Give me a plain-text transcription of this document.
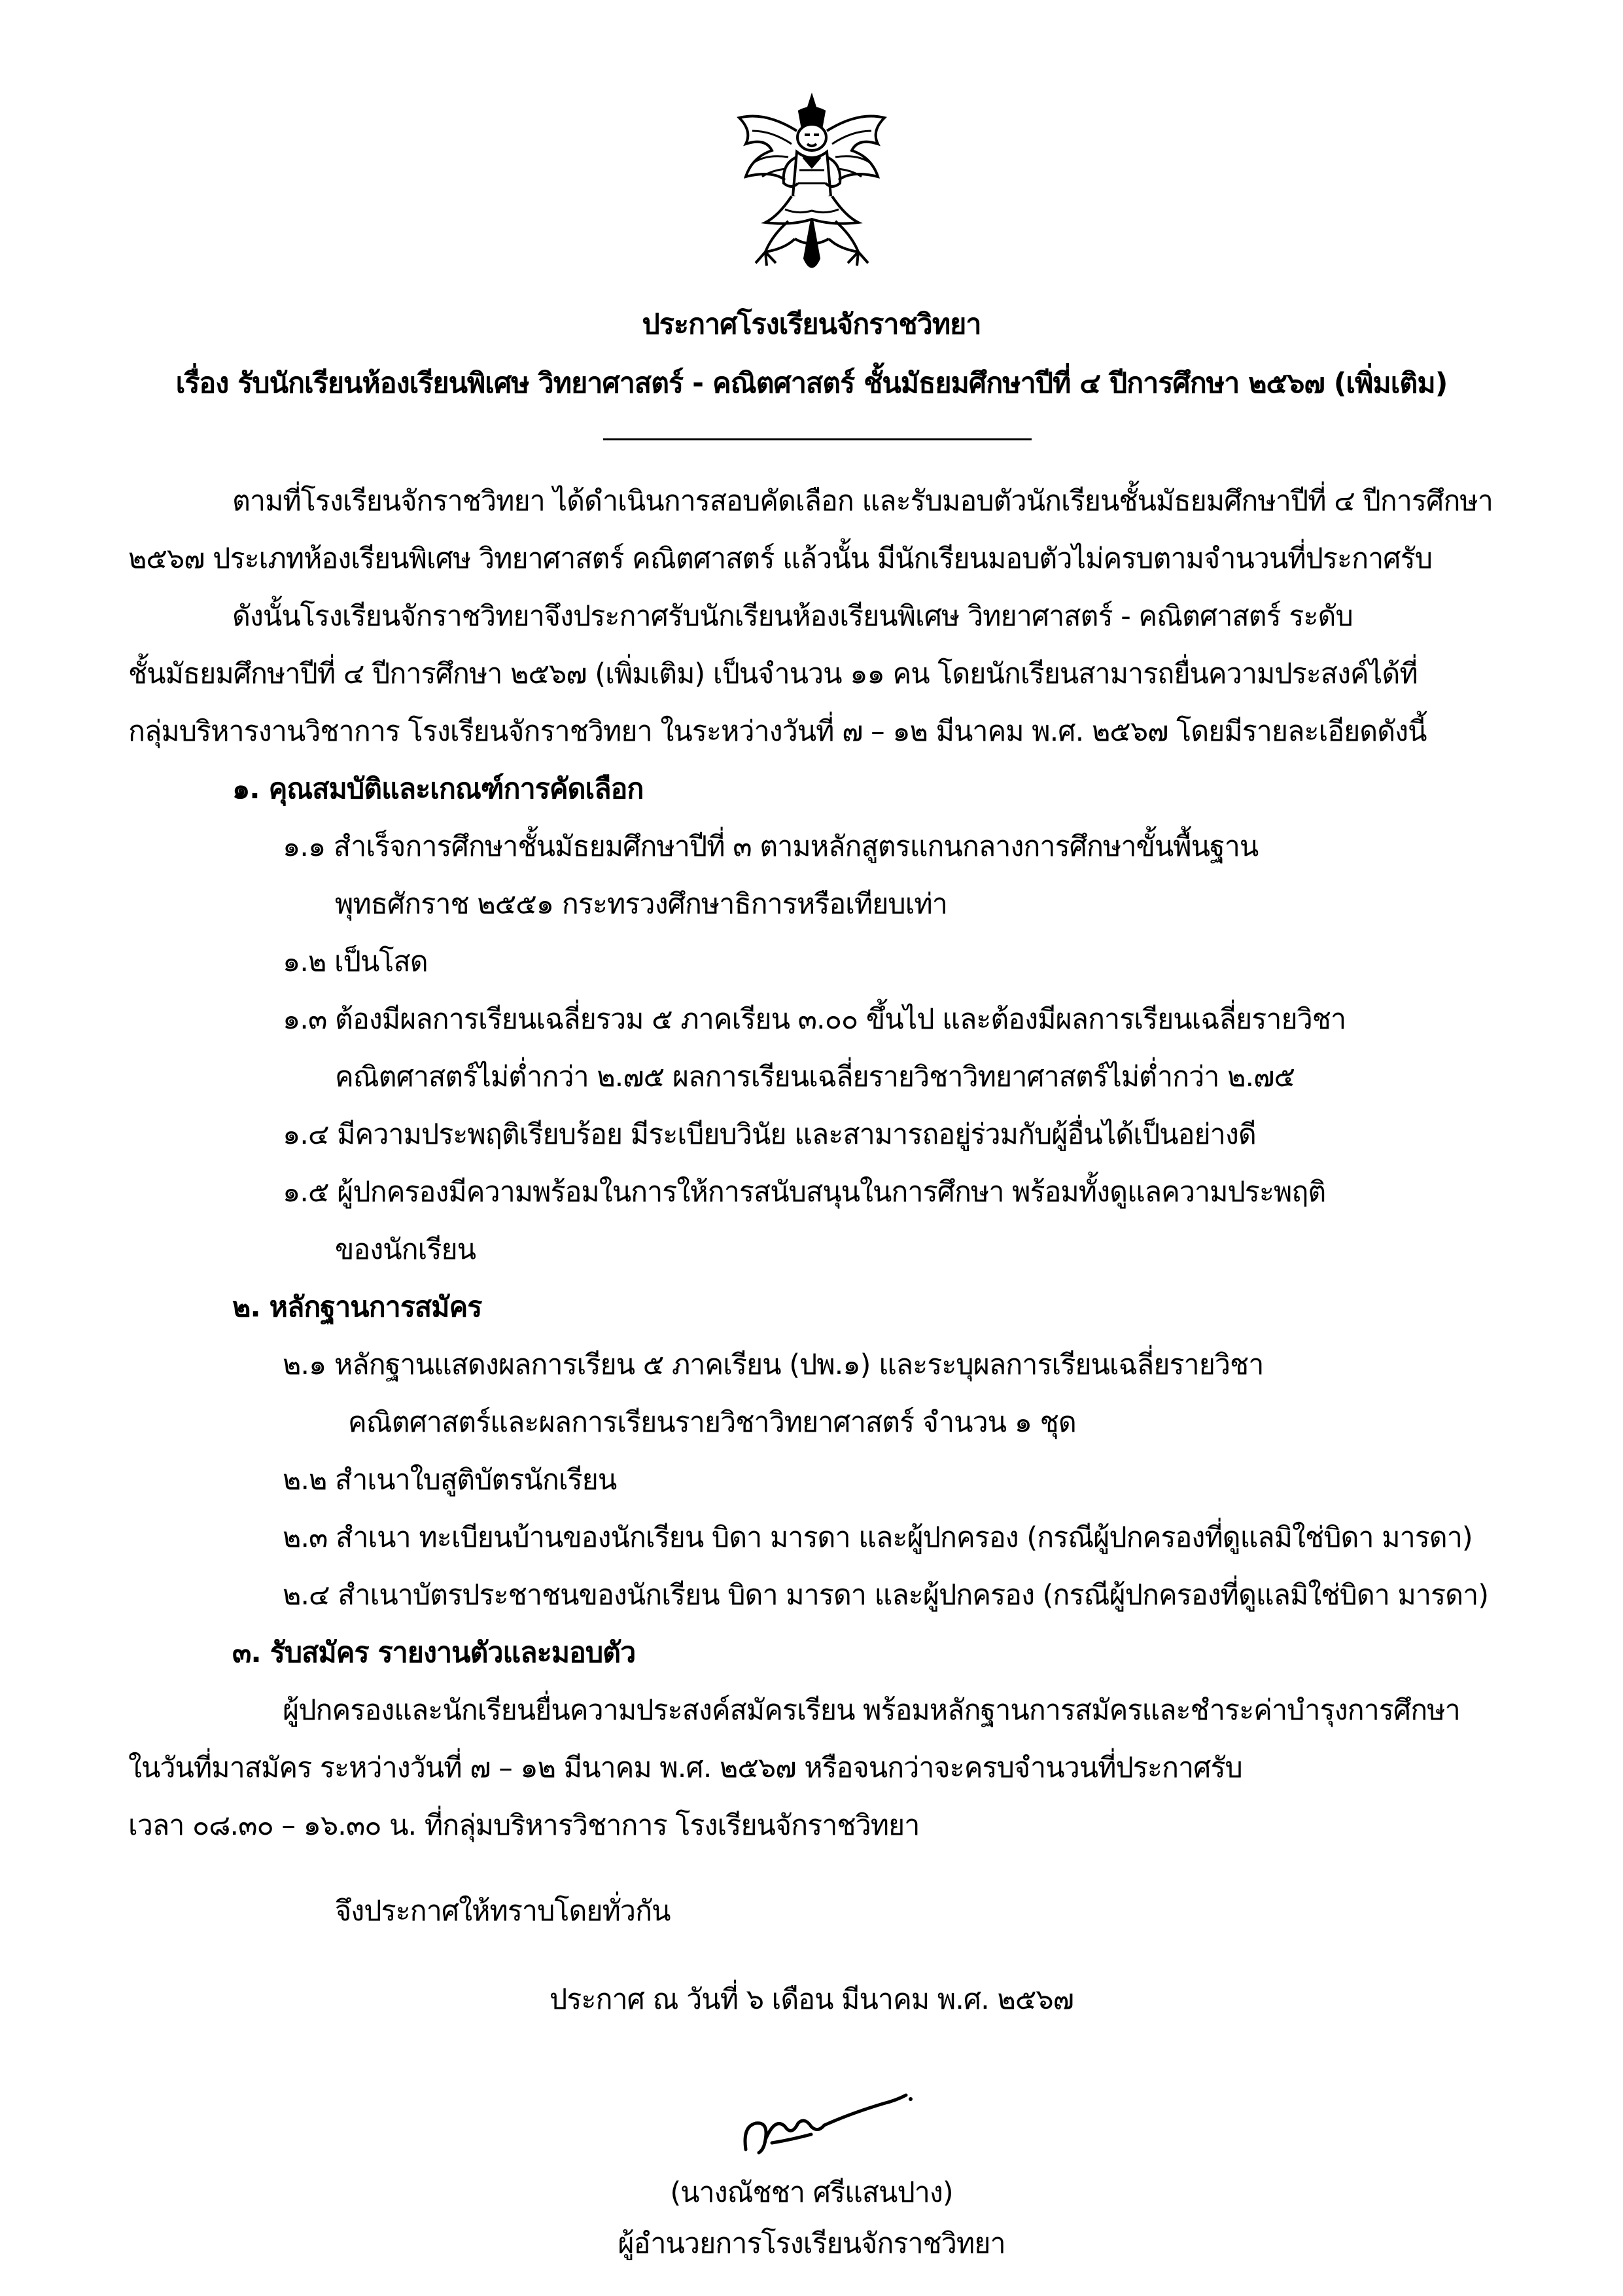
ประกาศโรงเรียนจักราชวิทยา
เรื่อง รับนักเรียนห้องเรียนพิเศษ วิทยาศาสตร์ - คณิตศาสตร์ ชั้นมัธยมศึกษาปีที่ ๔ ปีการศึกษา ๒๕๖๗ (เพิ่มเติม)
ตามที่โรงเรียนจักราชวิทยา ได้ดำเนินการสอบคัดเลือก และรับมอบตัวนักเรียนชั้นมัธยมศึกษาปีที่ ๔ ปีการศึกษา
๒๕๖๗ ประเภทห้องเรียนพิเศษ วิทยาศาสตร์ คณิตศาสตร์ แล้วนั้น มีนักเรียนมอบตัวไม่ครบตามจำนวนที่ประกาศรับ
ดังนั้นโรงเรียนจักราชวิทยาจึงประกาศรับนักเรียนห้องเรียนพิเศษ วิทยาศาสตร์ - คณิตศาสตร์ ระดับ
ชั้นมัธยมศึกษาปีที่ ๔ ปีการศึกษา ๒๕๖๗ (เพิ่มเติม) เป็นจำนวน ๑๑ คน โดยนักเรียนสามารถยื่นความประสงค์ได้ที่
กลุ่มบริหารงานวิชาการ โรงเรียนจักราชวิทยา ในระหว่างวันที่ ๗ – ๑๒ มีนาคม พ.ศ. ๒๕๖๗ โดยมีรายละเอียดดังนี้
๑. คุณสมบัติและเกณฑ์การคัดเลือก
๑.๑ สำเร็จการศึกษาชั้นมัธยมศึกษาปีที่ ๓ ตามหลักสูตรแกนกลางการศึกษาขั้นพื้นฐาน
พุทธศักราช ๒๕๕๑ กระทรวงศึกษาธิการหรือเทียบเท่า
๑.๒ เป็นโสด
๑.๓ ต้องมีผลการเรียนเฉลี่ยรวม ๕ ภาคเรียน ๓.๐๐ ขึ้นไป และต้องมีผลการเรียนเฉลี่ยรายวิชา
คณิตศาสตร์ไม่ต่ำกว่า ๒.๗๕ ผลการเรียนเฉลี่ยรายวิชาวิทยาศาสตร์ไม่ต่ำกว่า ๒.๗๕
๑.๔ มีความประพฤติเรียบร้อย มีระเบียบวินัย และสามารถอยู่ร่วมกับผู้อื่นได้เป็นอย่างดี
๑.๕ ผู้ปกครองมีความพร้อมในการให้การสนับสนุนในการศึกษา พร้อมทั้งดูแลความประพฤติ
ของนักเรียน
๒. หลักฐานการสมัคร
๒.๑ หลักฐานแสดงผลการเรียน ๕ ภาคเรียน (ปพ.๑) และระบุผลการเรียนเฉลี่ยรายวิชา
คณิตศาสตร์และผลการเรียนรายวิชาวิทยาศาสตร์ จำนวน ๑ ชุด
๒.๒ สำเนาใบสูติบัตรนักเรียน
๒.๓ สำเนา ทะเบียนบ้านของนักเรียน บิดา มารดา และผู้ปกครอง (กรณีผู้ปกครองที่ดูแลมิใช่บิดา มารดา)
๒.๔ สำเนาบัตรประชาชนของนักเรียน บิดา มารดา และผู้ปกครอง (กรณีผู้ปกครองที่ดูแลมิใช่บิดา มารดา)
๓. รับสมัคร รายงานตัวและมอบตัว
ผู้ปกครองและนักเรียนยื่นความประสงค์สมัครเรียน พร้อมหลักฐานการสมัครและชำระค่าบำรุงการศึกษา
ในวันที่มาสมัคร ระหว่างวันที่ ๗ – ๑๒ มีนาคม พ.ศ. ๒๕๖๗ หรือจนกว่าจะครบจำนวนที่ประกาศรับ
เวลา ๐๘.๓๐ – ๑๖.๓๐ น. ที่กลุ่มบริหารวิชาการ โรงเรียนจักราชวิทยา
จึงประกาศให้ทราบโดยทั่วกัน
ประกาศ ณ วันที่ ๖ เดือน มีนาคม พ.ศ. ๒๕๖๗
(นางณัชชา ศรีแสนปาง)
ผู้อำนวยการโรงเรียนจักราชวิทยา
